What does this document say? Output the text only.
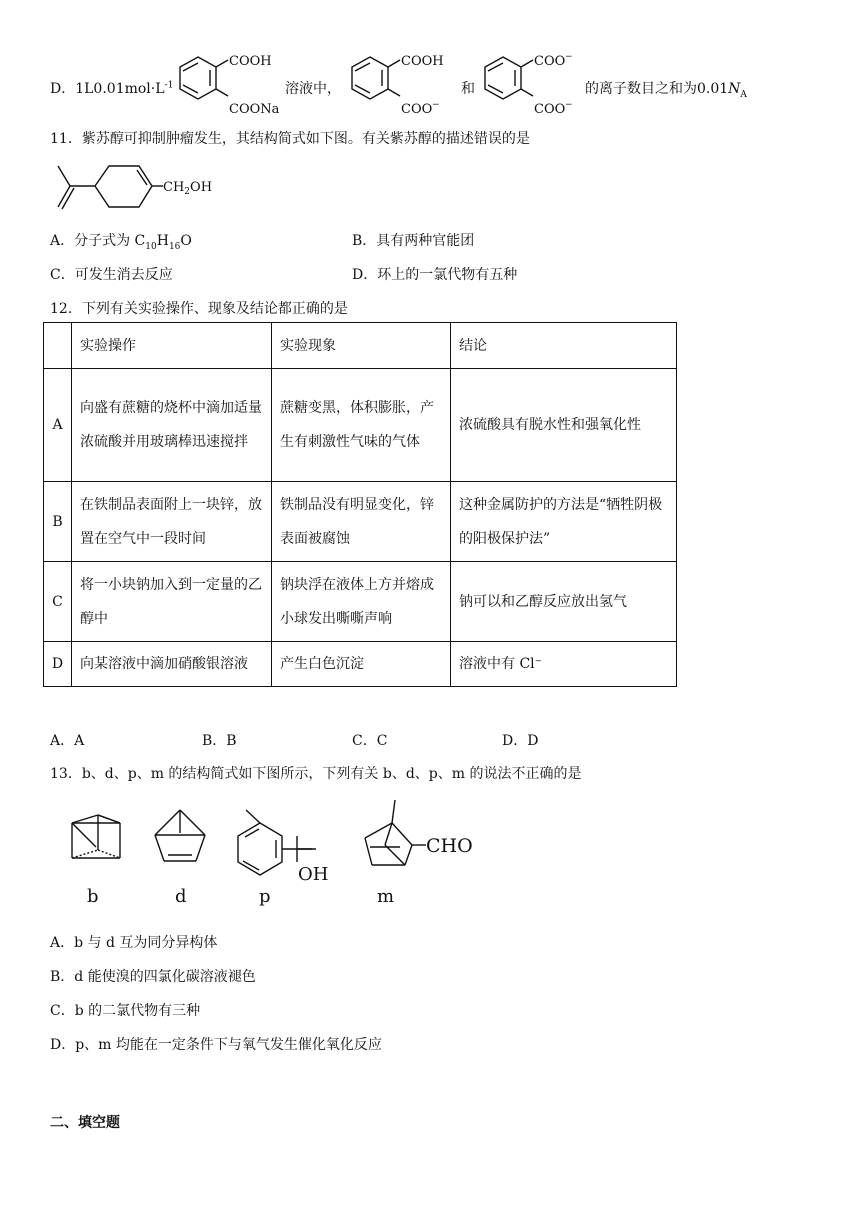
D．$1L0.01mol\cdot L^{-1}$
COOH
COONa
溶液中，
COOH
COO −
和
COO −
COO −
的离子数目之和为$0.01N_A$
11．紫苏醇可抑制肿瘤发生，其结构简式如下图。有关紫苏醇的描述错误的是
$CH_2OH$
A．分子式为 $C_{10}H_{16}O$	B．具有两种官能团
C．可发生消去反应	D．环上的一氯代物有五种
12．下列有关实验操作、现象及结论都正确的是
	实验操作	实验现象	结论
A	向盛有蔗糖的烧杯中滴加适量浓硫酸并用玻璃棒迅速搅拌	蔗糖变黑，体积膨胀，产生有刺激性气味的气体	浓硫酸具有脱水性和强氧化性
B	在铁制品表面附上一块锌，放置在空气中一段时间	铁制品没有明显变化，锌表面被腐蚀	这种金属防护的方法是“牺牲阴极的阳极保护法”
C	将一小块钠加入到一定量的乙醇中	钠块浮在液体上方并熔成小球发出嘶嘶声响	钠可以和乙醇反应放出氢气
D	向某溶液中滴加硝酸银溶液	产生白色沉淀	溶液中有 Cl⁻
A．A	B．B	C．C	D．D
13．b、d、p、m 的结构简式如下图所示，下列有关 b、d、p、m 的说法不正确的是
OH
CHO
b	d	p	m
A．b 与 d 互为同分异构体
B．d 能使溴的四氯化碳溶液褪色
C．b 的二氯代物有三种
D．p、m 均能在一定条件下与氧气发生催化氧化反应
二、填空题
